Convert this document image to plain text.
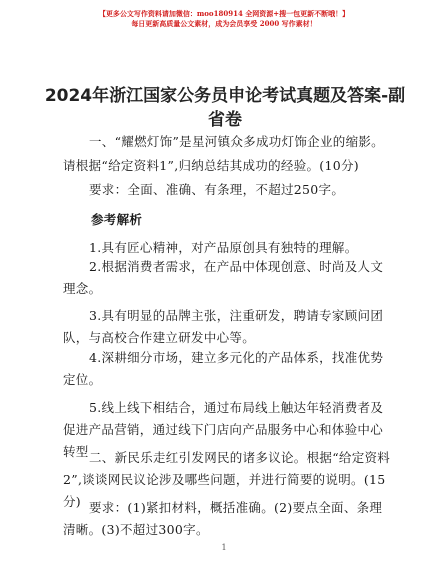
【更多公文写作资料请加微信：moo180914 全网资源+搜一包更新不断哦！】
每日更新高质量公文素材，成为会员享受 2000 写作素材！
2024年浙江国家公务员申论考试真题及答案-副省卷
一、“耀燃灯饰”是星河镇众多成功灯饰企业的缩影。请根据“给定资料1”,归纳总结其成功的经验。(10分)
要求：全面、准确、有条理，不超过250字。
参考解析
1.具有匠心精神，对产品原创具有独特的理解。
2.根据消费者需求，在产品中体现创意、时尚及人文理念。
3.具有明显的品牌主张，注重研发，聘请专家顾问团队，与高校合作建立研发中心等。
4.深耕细分市场，建立多元化的产品体系，找准优势定位。
5.线上线下相结合，通过布局线上触达年轻消费者及促进产品营销，通过线下门店向产品服务中心和体验中心转型 二、新民乐走红引发网民的诸多议论。根据“给定资料2”,谈谈网民议论涉及哪些问题，并进行简要的说明。(15分) 要求：(1)紧扣材料，概括准确。(2)要点全面、条理清晰。(3)不超过300字。
1
